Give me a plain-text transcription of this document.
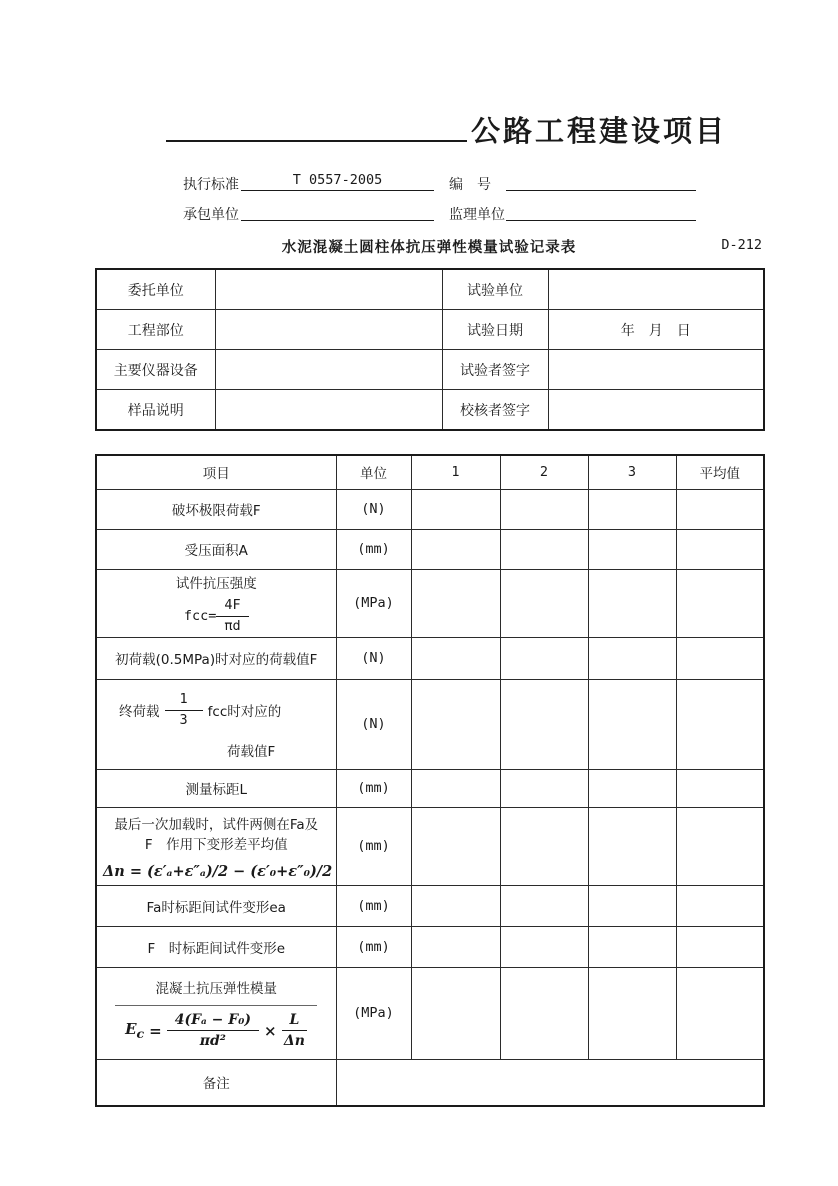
公路工程建设项目
执行标准	T 0557-2005	编　号
承包单位	监理单位
水泥混凝土圆柱体抗压弹性模量试验记录表	D-212
委托单位		试验单位	
工程部位		试验日期	年　月　日
主要仪器设备		试验者签字	
样品说明		校核者签字	
项目	单位	1	2	3	平均值
破坏极限荷载F	(N)				
受压面积A	(mm)				

试件抗压强度
$fcc= \frac{4F}{\pi d}$	(MPa)				
初荷载(0.5MPa)时对应的荷载值F	(N)				

终荷载 $\frac{1}{3}$ fcc时对应的
荷载值F	(N)				
测量标距L	(mm)				

最后一次加载时，试件两侧在Fa及
F　作用下变形差平均值
Δn = (ε′ₐ+ε″ₐ)/2 − (ε′₀+ε″₀)/2	(mm)				
Fa时标距间试件变形ea	(mm)				
F　时标距间试件变形e	(mm)				

混凝土抗压弹性模量
$E_c = \frac{\text{4(Fₐ − F₀)}}{\text{πd²}} \times \frac{L}{\Delta n}$	(MPa)				
备注					
